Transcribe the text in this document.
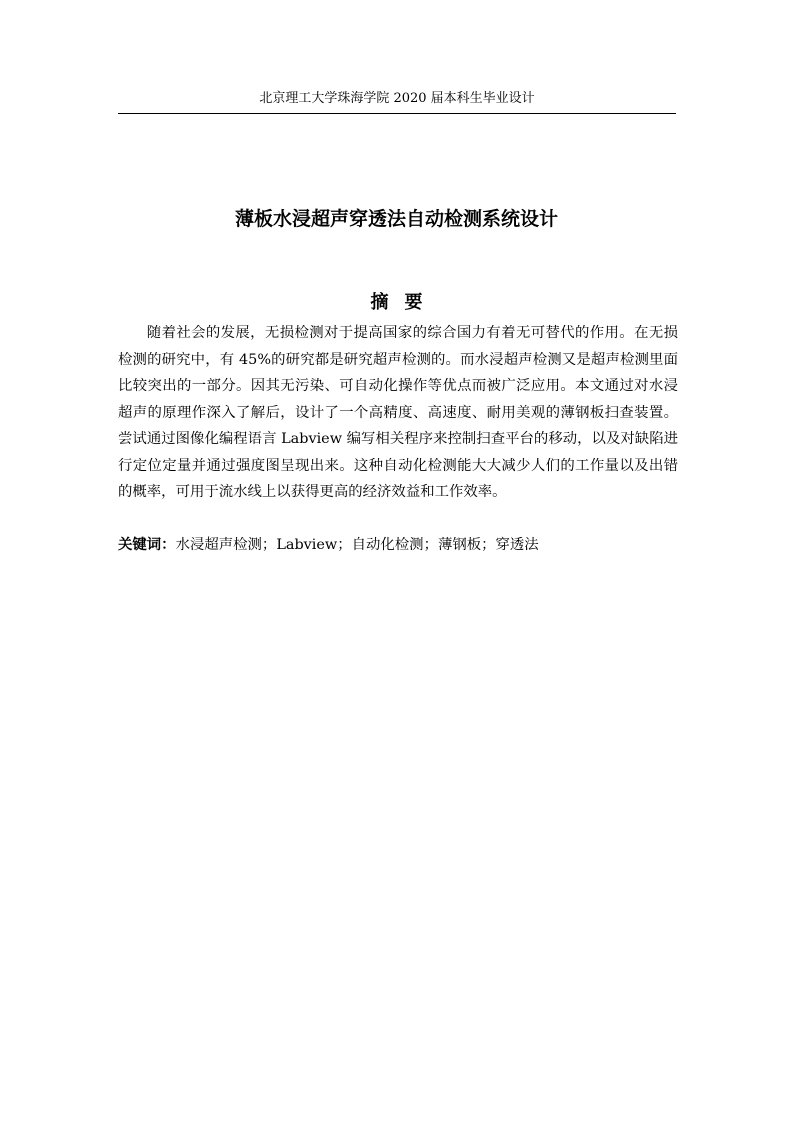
北京理工大学珠海学院 2020 届本科生毕业设计
薄板水浸超声穿透法自动检测系统设计
摘要

随着社会的发展，无损检测对于提高国家的综合国力有着无可替代的作用。在无损检测的研究中，有 45%的研究都是研究超声检测的。而水浸超声检测又是超声检测里面比较突出的一部分。因其无污染、可自动化操作等优点而被广泛应用。本文通过对水浸超声的原理作深入了解后，设计了一个高精度、高速度、耐用美观的薄钢板扫查装置。尝试通过图像化编程语言 Labview 编写相关程序来控制扫查平台的移动，以及对缺陷进行定位定量并通过强度图呈现出来。这种自动化检测能大大减少人们的工作量以及出错的概率，可用于流水线上以获得更高的经济效益和工作效率。

关键词：水浸超声检测；Labview；自动化检测；薄钢板；穿透法
